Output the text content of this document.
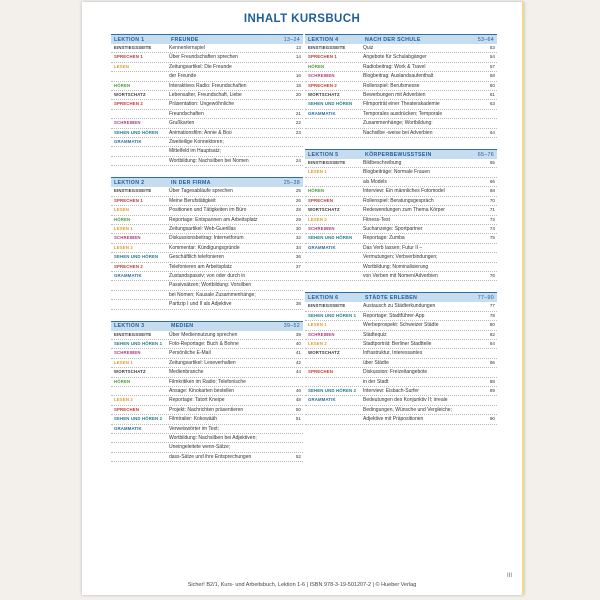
INHALT KURSBUCH
LEKTION 1	FREUNDE	13–24
EINSTIEGSSEITE	Kennenlernspiel	13
SPRECHEN 1	Über Freundschaften sprechen	14
LESEN	Zeitungsartikel: Die Freunde
der Freunde	16
HÖREN	Interaktives Radio: Freundschaften	18
WORTSCHATZ	Lebensalter, Freundschaft, Liebe	20
SPRECHEN 2	Präsentation: Ungewöhnliche
Freundschaften	21
SCHREIBEN	Grußkarten	22
SEHEN UND HÖREN	Animationsfilm: Annie & Boo	23
GRAMMATIK	Zweiteilige Konnektoren;
Mittelfeld im Hauptsatz;
Wortbildung: Nachsilben bei Nomen	24
LEKTION 2	IN DER FIRMA	25–38
EINSTIEGSSEITE	Über Tagesabläufe sprechen	25
SPRECHEN 1	Meine Berufstätigkeit	26
LESEN	Positionen und Tätigkeiten im Büro	28
HÖREN	Reportage: Entspannen am Arbeitsplatz	29
LESEN 1	Zeitungsartikel: Web-Guerillas	30
SCHREIBEN	Diskussionsbeitrag: Internetforum	32
LESEN 2	Kommentar: Kündigungsgründe	34
SEHEN UND HÖREN	Geschäftlich telefonieren	36
SPRECHEN 2	Telefonieren am Arbeitsplatz	37
GRAMMATIK	Zustandspassiv; von oder durch in
Passivsätzen; Wortbildung: Vorsilben
bei Nomen; Kausale Zusammenhänge;
Partizip I und II als Adjektive	38
LEKTION 3	MEDIEN	39–52
EINSTIEGSSEITE	Über Mediennutzung sprechen	39
SEHEN UND HÖREN 1	Foto-Reportage: Buch & Bohne	40
SCHREIBEN	Persönliche E-Mail	41
LESEN 1	Zeitungsartikel: Leseverhalten	42
WORTSCHATZ	Medienbranche	44
HÖREN	Filmkritiken im Radio; Telefonische
Ansage: Kinokarten bestellen	46
LESEN 2	Reportage: Tatort Kneipe	48
SPRECHEN	Projekt: Nachrichten präsentieren	50
SEHEN UND HÖREN 2	Filmtrailer: Kokowääh	51
GRAMMATIK	Verweiswörter im Text;
Wortbildung: Nachsilben bei Adjektiven;
Uneingeleitete wenn-Sätze;
dass-Sätze und ihre Entsprechungen	52
LEKTION 4	NACH DER SCHULE	53–64
EINSTIEGSSEITE	Quiz	53
SPRECHEN 1	Angebote für Schulabgänger	54
HÖREN	Radiobeitrag: Work & Travel	57
SCHREIBEN	Blogbeitrag: Auslandsaufenthalt	58
SPRECHEN 2	Rollenspiel: Berufsmesse	60
WORTSCHATZ	Bewerbungen mit Adverbien	61
SEHEN UND HÖREN	Filmporträt einer Theaterakademie	63
GRAMMATIK	Temporales ausdrücken; Temporale
Zusammenhänge; Wortbildung:
Nachsilbe -weise bei Adverbien	64
LEKTION 5	KÖRPERBEWUSSTSEIN	65–76
EINSTIEGSSEITE	Bildbeschreibung	65
LESEN 1	Blogbeiträge: Normale Frauen
als Models	66
HÖREN	Interview: Ein männliches Fotomodel	68
SPRECHEN	Rollenspiel: Beratungsgespräch	70
WORTSCHATZ	Redewendungen zum Thema Körper	71
LESEN 2	Fitness-Test	72
SCHREIBEN	Suchanzeige: Sportpartner	74
SEHEN UND HÖREN	Reportage: Zumba	75
GRAMMATIK	Das Verb lassen; Futur II –
Vermutungen; Verbverbindungen;
Wortbildung: Nominalisierung
von Verben mit Nomen/Adverbien	76
LEKTION 6	STÄDTE ERLEBEN	77–90
EINSTIEGSSEITE	Austausch zu Städterkundungen	77
SEHEN UND HÖREN 1	Reportage: Stadtführer-App	78
LESEN 1	Werbeprospekt: Schweizer Städte	80
SCHREIBEN	Städtequiz	82
LESEN 2	Stadtporträt: Berliner Stadtteile	84
WORTSCHATZ	Infrastruktur, Interessantes
über Städte	86
SPRECHEN	Diskussion: Freizeitangebote
in der Stadt	88
SEHEN UND HÖREN 2	Interview: Eisbach-Surfer	89
GRAMMATIK	Bedeutungen des Konjunktiv II; irreale
Bedingungen, Wünsche und Vergleiche;
Adjektive mit Präpositionen	90
Sicher! B2/1, Kurs- und Arbeitsbuch, Lektion 1-6 | ISBN 978-3-19-501207-2 | © Hueber Verlag
III
